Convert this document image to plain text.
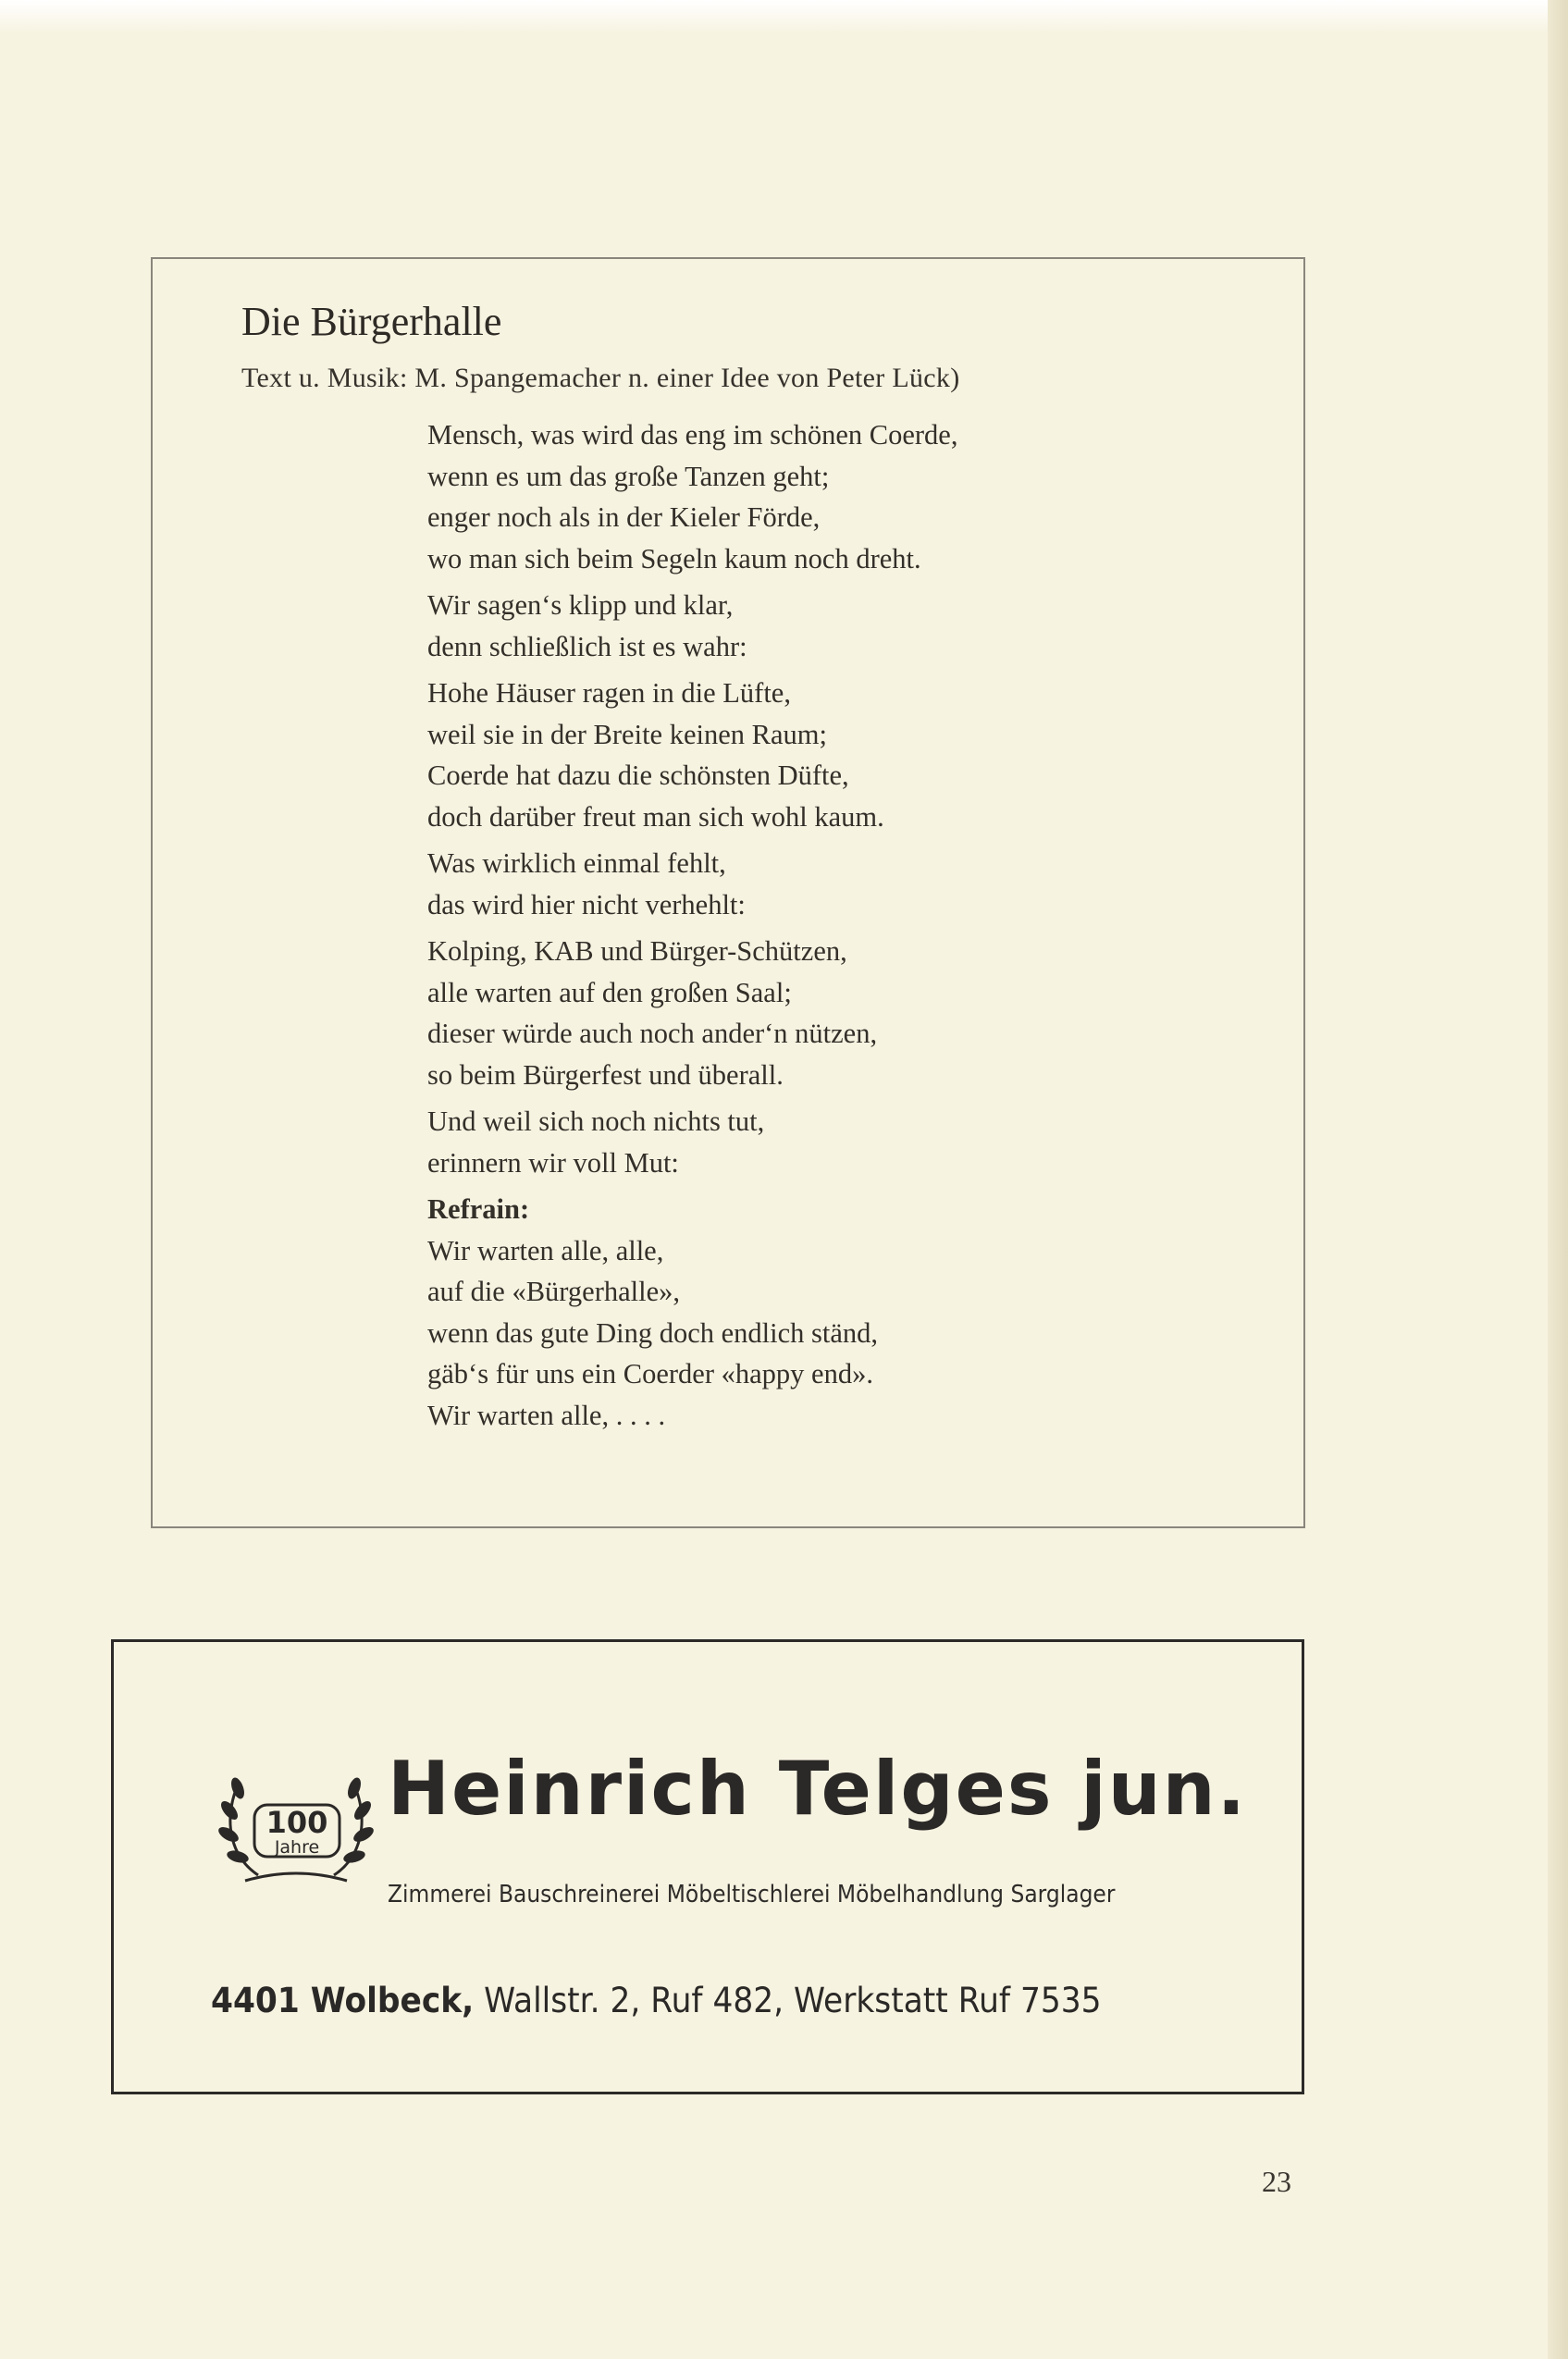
Die Bürgerhalle
Text u. Musik: M. Spangemacher n. einer Idee von Peter Lück)
Mensch, was wird das eng im schönen Coerde,
wenn es um das große Tanzen geht;
enger noch als in der Kieler Förde,
wo man sich beim Segeln kaum noch dreht.
Wir sagen‘s klipp und klar,
denn schließlich ist es wahr:
Hohe Häuser ragen in die Lüfte,
weil sie in der Breite keinen Raum;
Coerde hat dazu die schönsten Düfte,
doch darüber freut man sich wohl kaum.
Was wirklich einmal fehlt,
das wird hier nicht verhehlt:
Kolping, KAB und Bürger-Schützen,
alle warten auf den großen Saal;
dieser würde auch noch ander‘n nützen,
so beim Bürgerfest und überall.
Und weil sich noch nichts tut,
erinnern wir voll Mut:
Refrain:
Wir warten alle, alle,
auf die «Bürgerhalle»,
wenn das gute Ding doch endlich ständ,
gäb‘s für uns ein Coerder «happy end».
Wir warten alle, . . . .
100
Jahre
Heinrich Telges jun.
Zimmerei Bauschreinerei Möbeltischlerei Möbelhandlung Sarglager
4401 Wolbeck, Wallstr. 2, Ruf 482, Werkstatt Ruf 7535
23
